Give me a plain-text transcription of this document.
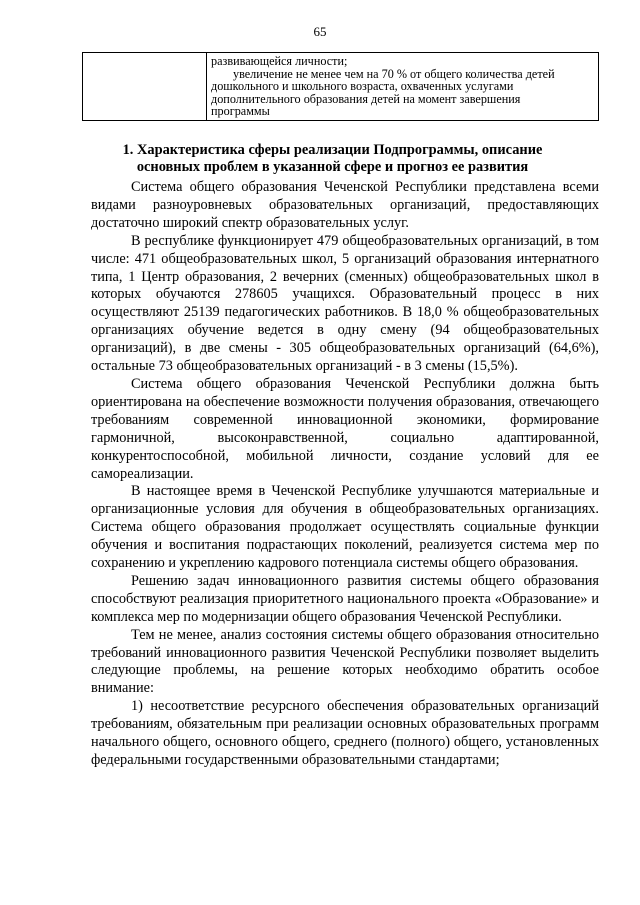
65

развивающейся личности;
увеличение не менее чем на 70 % от общего количества детей
дошкольного и школьного возраста, охваченных услугами
дополнительного образования детей на момент завершения
программы
1. Характеристика сферы реализации Подпрограммы, описание
основных проблем в указанной сфере и прогноз ее развития

Система общего образования Чеченской Республики представлена всеми видами разноуровневых образовательных организаций, предоставляющих достаточно широкий спектр образовательных услуг.

В республике функционирует 479 общеобразовательных организаций, в том числе: 471 общеобразовательных школ, 5 организаций образования интернатного типа, 1 Центр образования, 2 вечерних (сменных) общеобразовательных школ в которых обучаются 278605 учащихся. Образовательный процесс в них осуществляют 25139 педагогических работников. В 18,0 % общеобразовательных организациях обучение ведется в одну смену (94 общеобразовательных организаций), в две смены - 305 общеобразовательных организаций (64,6%), остальные 73 общеобразовательных организаций - в 3 смены (15,5%).

Система общего образования Чеченской Республики должна быть ориентирована на обеспечение возможности получения образования, отвечающего требованиям современной инновационной экономики, формирование гармоничной, высоконравственной, социально адаптированной, конкурентоспособной, мобильной личности, создание условий для ее самореализации.

В настоящее время в Чеченской Республике улучшаются материальные и организационные условия для обучения в общеобразовательных организациях. Система общего образования продолжает осуществлять социальные функции обучения и воспитания подрастающих поколений, реализуется система мер по сохранению и укреплению кадрового потенциала системы общего образования.

Решению задач инновационного развития системы общего образования способствуют реализация приоритетного национального проекта «Образование» и комплекса мер по модернизации общего образования Чеченской Республики.

Тем не менее, анализ состояния системы общего образования относительно требований инновационного развития Чеченской Республики позволяет выделить следующие проблемы, на решение которых необходимо обратить особое внимание:

1) несоответствие ресурсного обеспечения образовательных организаций требованиям, обязательным при реализации основных образовательных программ начального общего, основного общего, среднего (полного) общего, установленных федеральными государственными образовательными стандартами;
